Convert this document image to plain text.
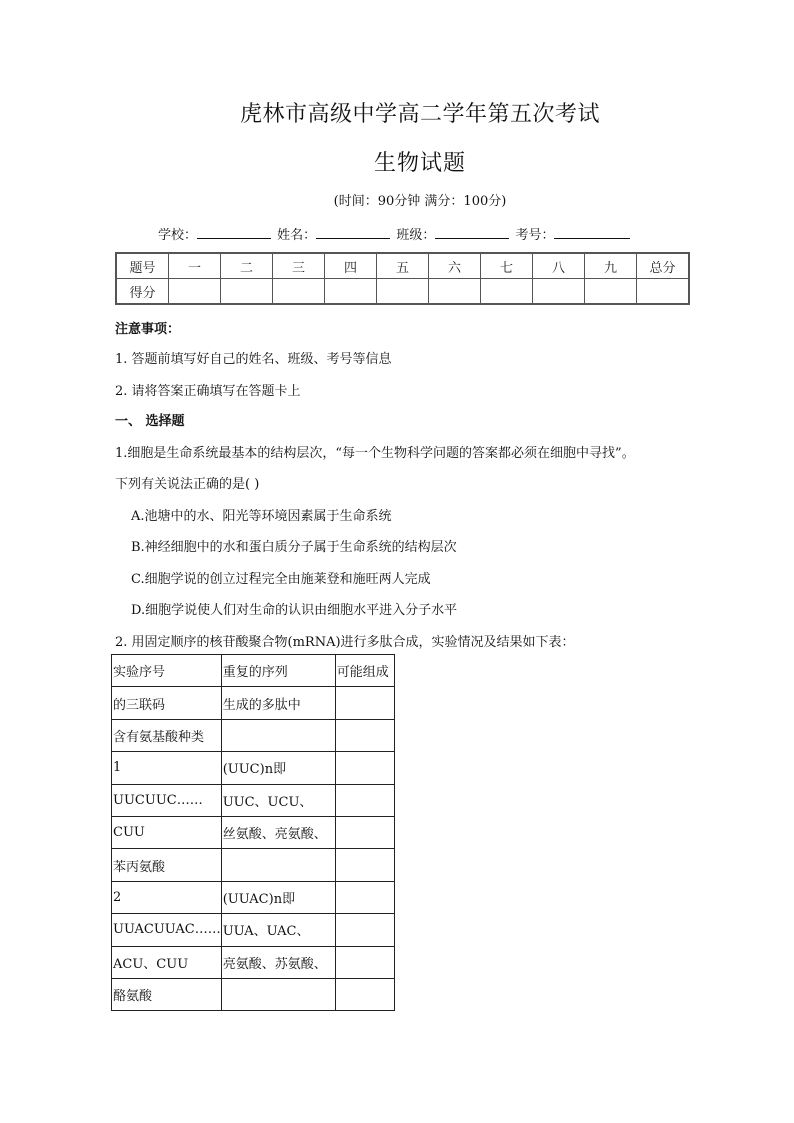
虎林市高级中学高二学年第五次考试
生物试题
(时间：90分钟 满分：100分)
学校：	姓名：	班级：	考号：
题号	一	二	三	四	五	六	七	八	九	总分
得分										
注意事项：
1. 答题前填写好自己的姓名、班级、考号等信息
2. 请将答案正确填写在答题卡上
一、 选择题
1.细胞是生命系统最基本的结构层次，“每一个生物科学问题的答案都必须在细胞中寻找”。
下列有关说法正确的是( )
A.池塘中的水、阳光等环境因素属于生命系统
B.神经细胞中的水和蛋白质分子属于生命系统的结构层次
C.细胞学说的创立过程完全由施莱登和施旺两人完成
D.细胞学说使人们对生命的认识由细胞水平进入分子水平
2. 用固定顺序的核苷酸聚合物(mRNA)进行多肽合成，实验情况及结果如下表：
实验序号	重复的序列	可能组成
的三联码	生成的多肽中	
含有氨基酸种类		
1	(UUC)n即	
UUCUUC……	UUC、UCU、	
CUU	丝氨酸、亮氨酸、	
苯丙氨酸		
2	(UUAC)n即	
UUACUUAC……	UUA、UAC、	
ACU、CUU	亮氨酸、苏氨酸、	
酪氨酸		
